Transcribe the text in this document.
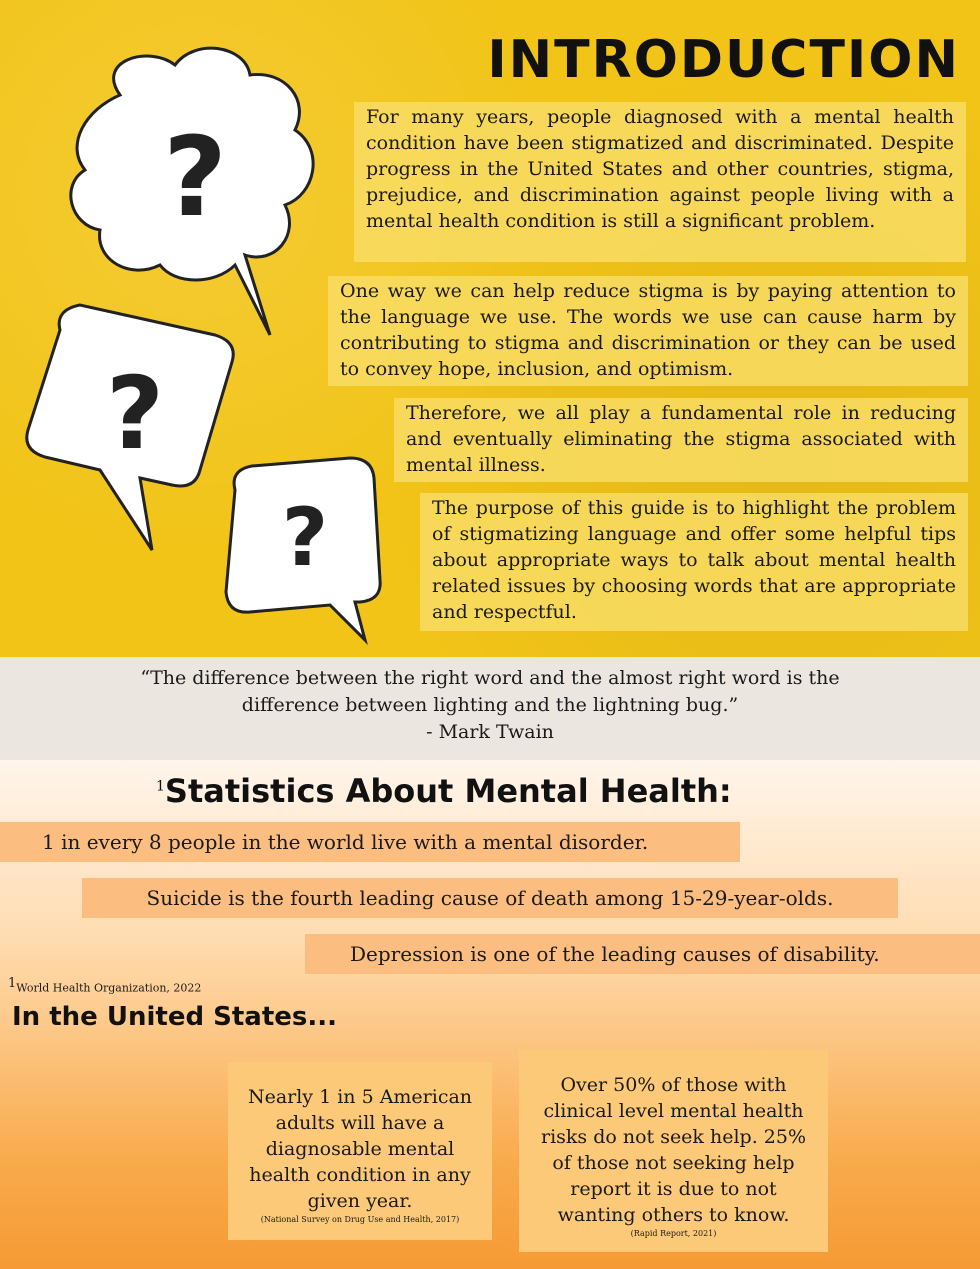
?
?
?
INTRODUCTION
For many years, people diagnosed with a mental health condition have been stigmatized and discriminated. Despite progress in the United States and other countries, stigma, prejudice, and discrimination against people living with a mental health condition is still a significant problem.
One way we can help reduce stigma is by paying attention to the language we use. The words we use can cause harm by contributing to stigma and discrimination or they can be used to convey hope, inclusion, and optimism.
Therefore, we all play a fundamental role in reducing and eventually eliminating the stigma associated with mental illness.
The purpose of this guide is to highlight the problem of stigmatizing language and offer some helpful tips about appropriate ways to talk about mental health related issues by choosing words that are appropriate and respectful.
“The difference between the right word and the almost right word is the
difference between lighting and the lightning bug.”
- Mark Twain
$^1$Statistics About Mental Health:
1 in every 8 people in the world live with a mental disorder.
Suicide is the fourth leading cause of death among 15-29-year-olds.
Depression is one of the leading causes of disability.
$^1$World Health Organization, 2022
In the United States...
Nearly 1 in 5 American adults will have a diagnosable mental health condition in any given year.
(National Survey on Drug Use and Health, 2017)
Over 50% of those with clinical level mental health risks do not seek help. 25% of those not seeking help report it is due to not wanting others to know.
(Rapid Report, 2021)
